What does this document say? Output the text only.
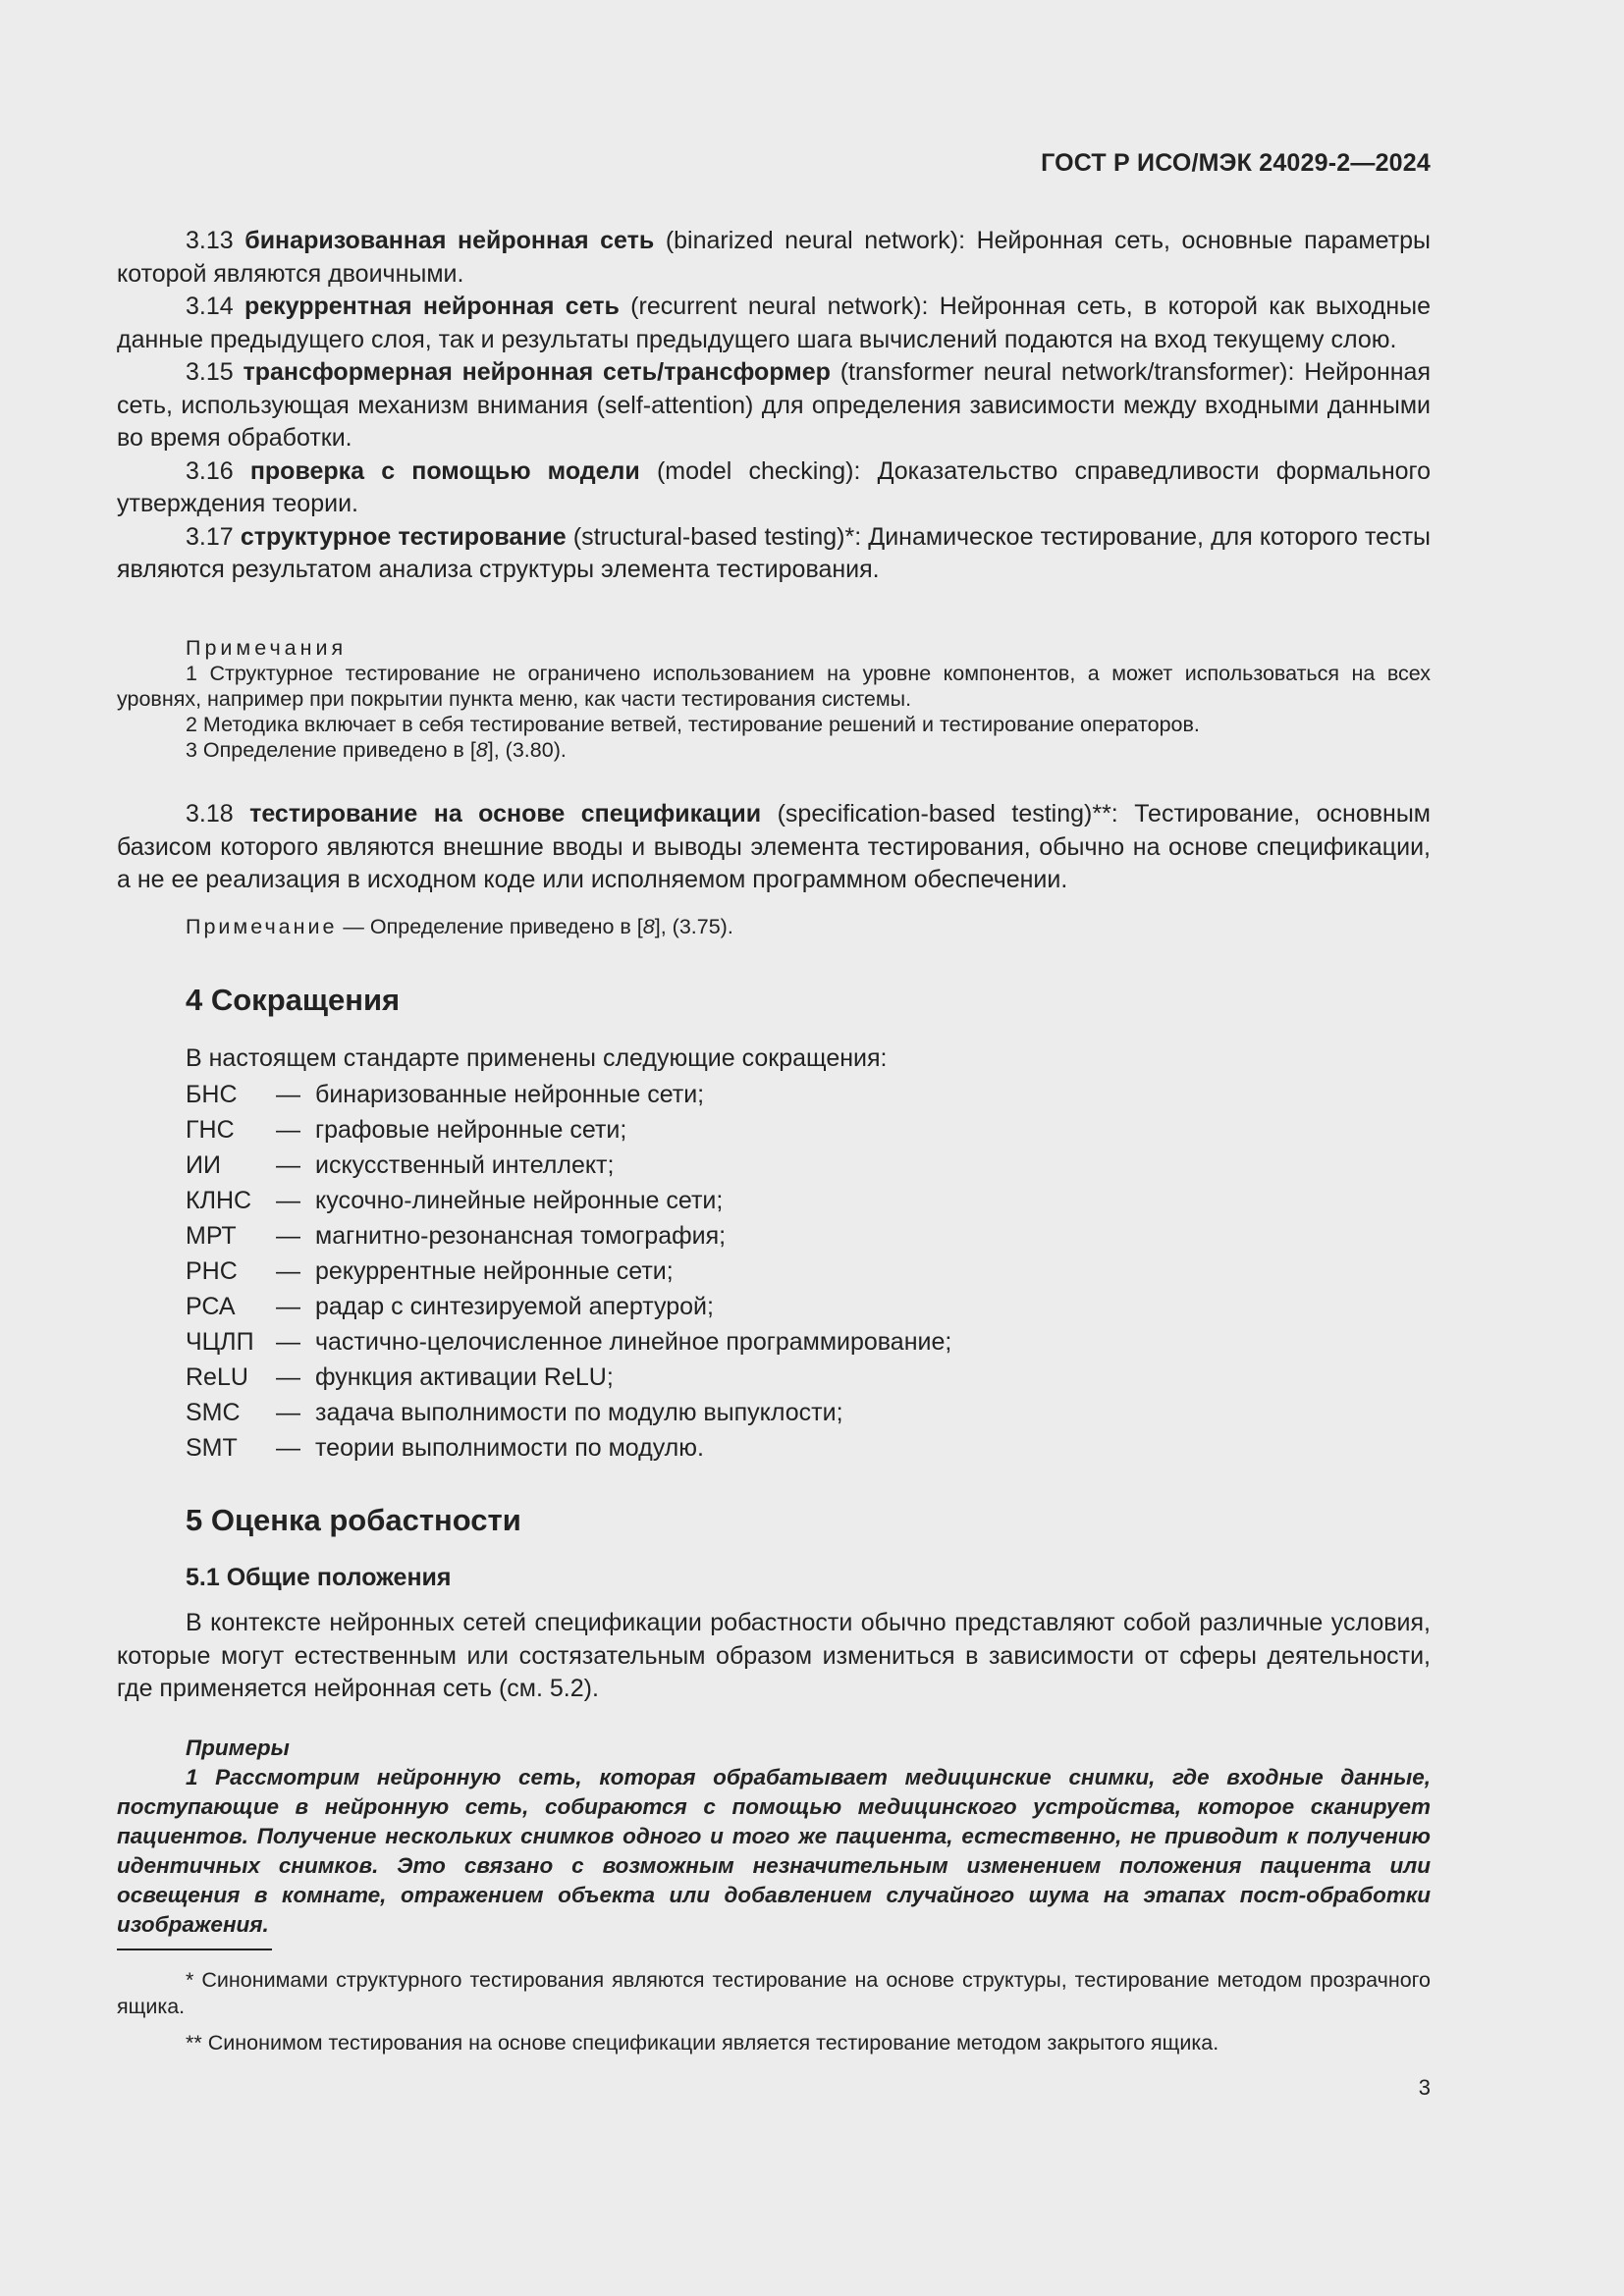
ГОСТ Р ИСО/МЭК 24029-2—2024

3.13 бинаризованная нейронная сеть (binarized neural network): Нейронная сеть, основные параметры которой являются двоичными.

3.14 рекуррентная нейронная сеть (recurrent neural network): Нейронная сеть, в которой как выходные данные предыдущего слоя, так и результаты предыдущего шага вычислений подаются на вход текущему слою.

3.15 трансформерная нейронная сеть/трансформер (transformer neural network/transformer): Нейронная сеть, использующая механизм внимания (self-attention) для определения зависимости между входными данными во время обработки.

3.16 проверка с помощью модели (model checking): Доказательство справедливости формального утверждения теории.

3.17 структурное тестирование (structural-based testing)*: Динамическое тестирование, для которого тесты являются результатом анализа структуры элемента тестирования.

Примечания

1 Структурное тестирование не ограничено использованием на уровне компонентов, а может использоваться на всех уровнях, например при покрытии пункта меню, как части тестирования системы.

2 Методика включает в себя тестирование ветвей, тестирование решений и тестирование операторов.

3 Определение приведено в [8], (3.80).

3.18 тестирование на основе спецификации (specification-based testing)**: Тестирование, основным базисом которого являются внешние вводы и выводы элемента тестирования, обычно на основе спецификации, а не ее реализация в исходном коде или исполняемом программном обеспечении.

Примечание — Определение приведено в [8], (3.75).

4 Сокращения

В настоящем стандарте применены следующие сокращения:

БНС	— бинаризованные нейронные сети;
ГНС	— графовые нейронные сети;
ИИ	— искусственный интеллект;
КЛНС — кусочно-линейные нейронные сети;
МРТ	— магнитно-резонансная томография;
РНС	— рекуррентные нейронные сети;
РСА	— радар с синтезируемой апертурой;
ЧЦЛП — частично-целочисленное линейное программирование;
ReLU	— функция активации ReLU;
SMC	— задача выполнимости по модулю выпуклости;
SMT	— теории выполнимости по модулю.
5 Оценка робастности
5.1 Общие положения

В контексте нейронных сетей спецификации робастности обычно представляют собой различные условия, которые могут естественным или состязательным образом измениться в зависимости от сферы деятельности, где применяется нейронная сеть (см. 5.2).

Примеры

1 Рассмотрим нейронную сеть, которая обрабатывает медицинские снимки, где входные данные, поступающие в нейронную сеть, собираются с помощью медицинского устройства, которое сканирует пациентов. Получение нескольких снимков одного и того же пациента, естественно, не приводит к получению идентичных снимков. Это связано с возможным незначительным изменением положения пациента или освещения в комнате, отражением объекта или добавлением случайного шума на этапах пост-обработки изображения.

* Синонимами структурного тестирования являются тестирование на основе структуры, тестирование методом прозрачного ящика.

** Синонимом тестирования на основе спецификации является тестирование методом закрытого ящика.

3
